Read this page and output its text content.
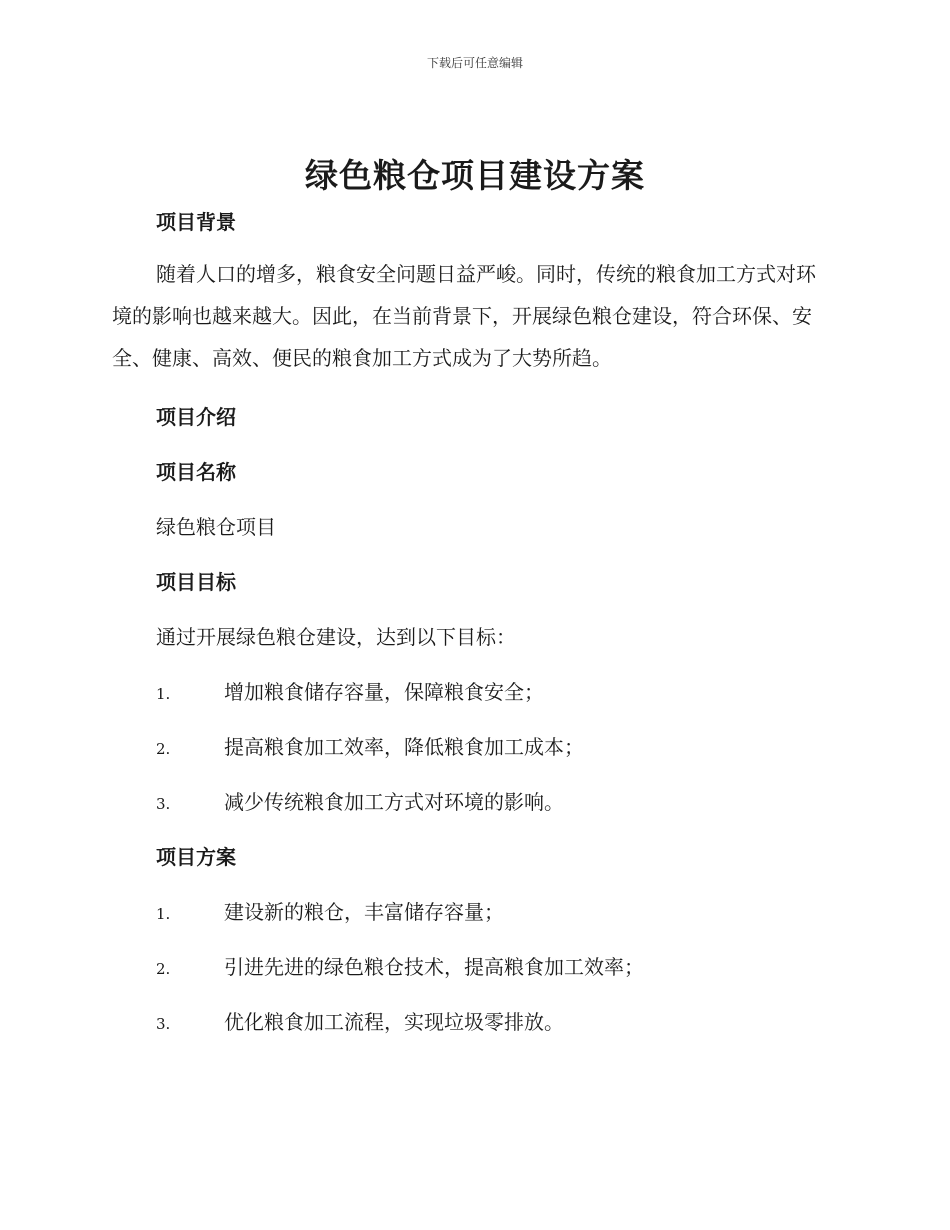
下载后可任意编辑
绿色粮仓项目建设方案
项目背景

随着人口的增多，粮食安全问题日益严峻。同时，传统的粮食加工方式对环境的影响也越来越大。因此，在当前背景下，开展绿色粮仓建设，符合环保、安全、健康、高效、便民的粮食加工方式成为了大势所趋。

项目介绍
项目名称

绿色粮仓项目

项目目标

通过开展绿色粮仓建设，达到以下目标：

1.	增加粮食储存容量，保障粮食安全；

2.	提高粮食加工效率，降低粮食加工成本；

3.	减少传统粮食加工方式对环境的影响。

项目方案

1.	建设新的粮仓，丰富储存容量；

2.	引进先进的绿色粮仓技术，提高粮食加工效率；

3.	优化粮食加工流程，实现垃圾零排放。
